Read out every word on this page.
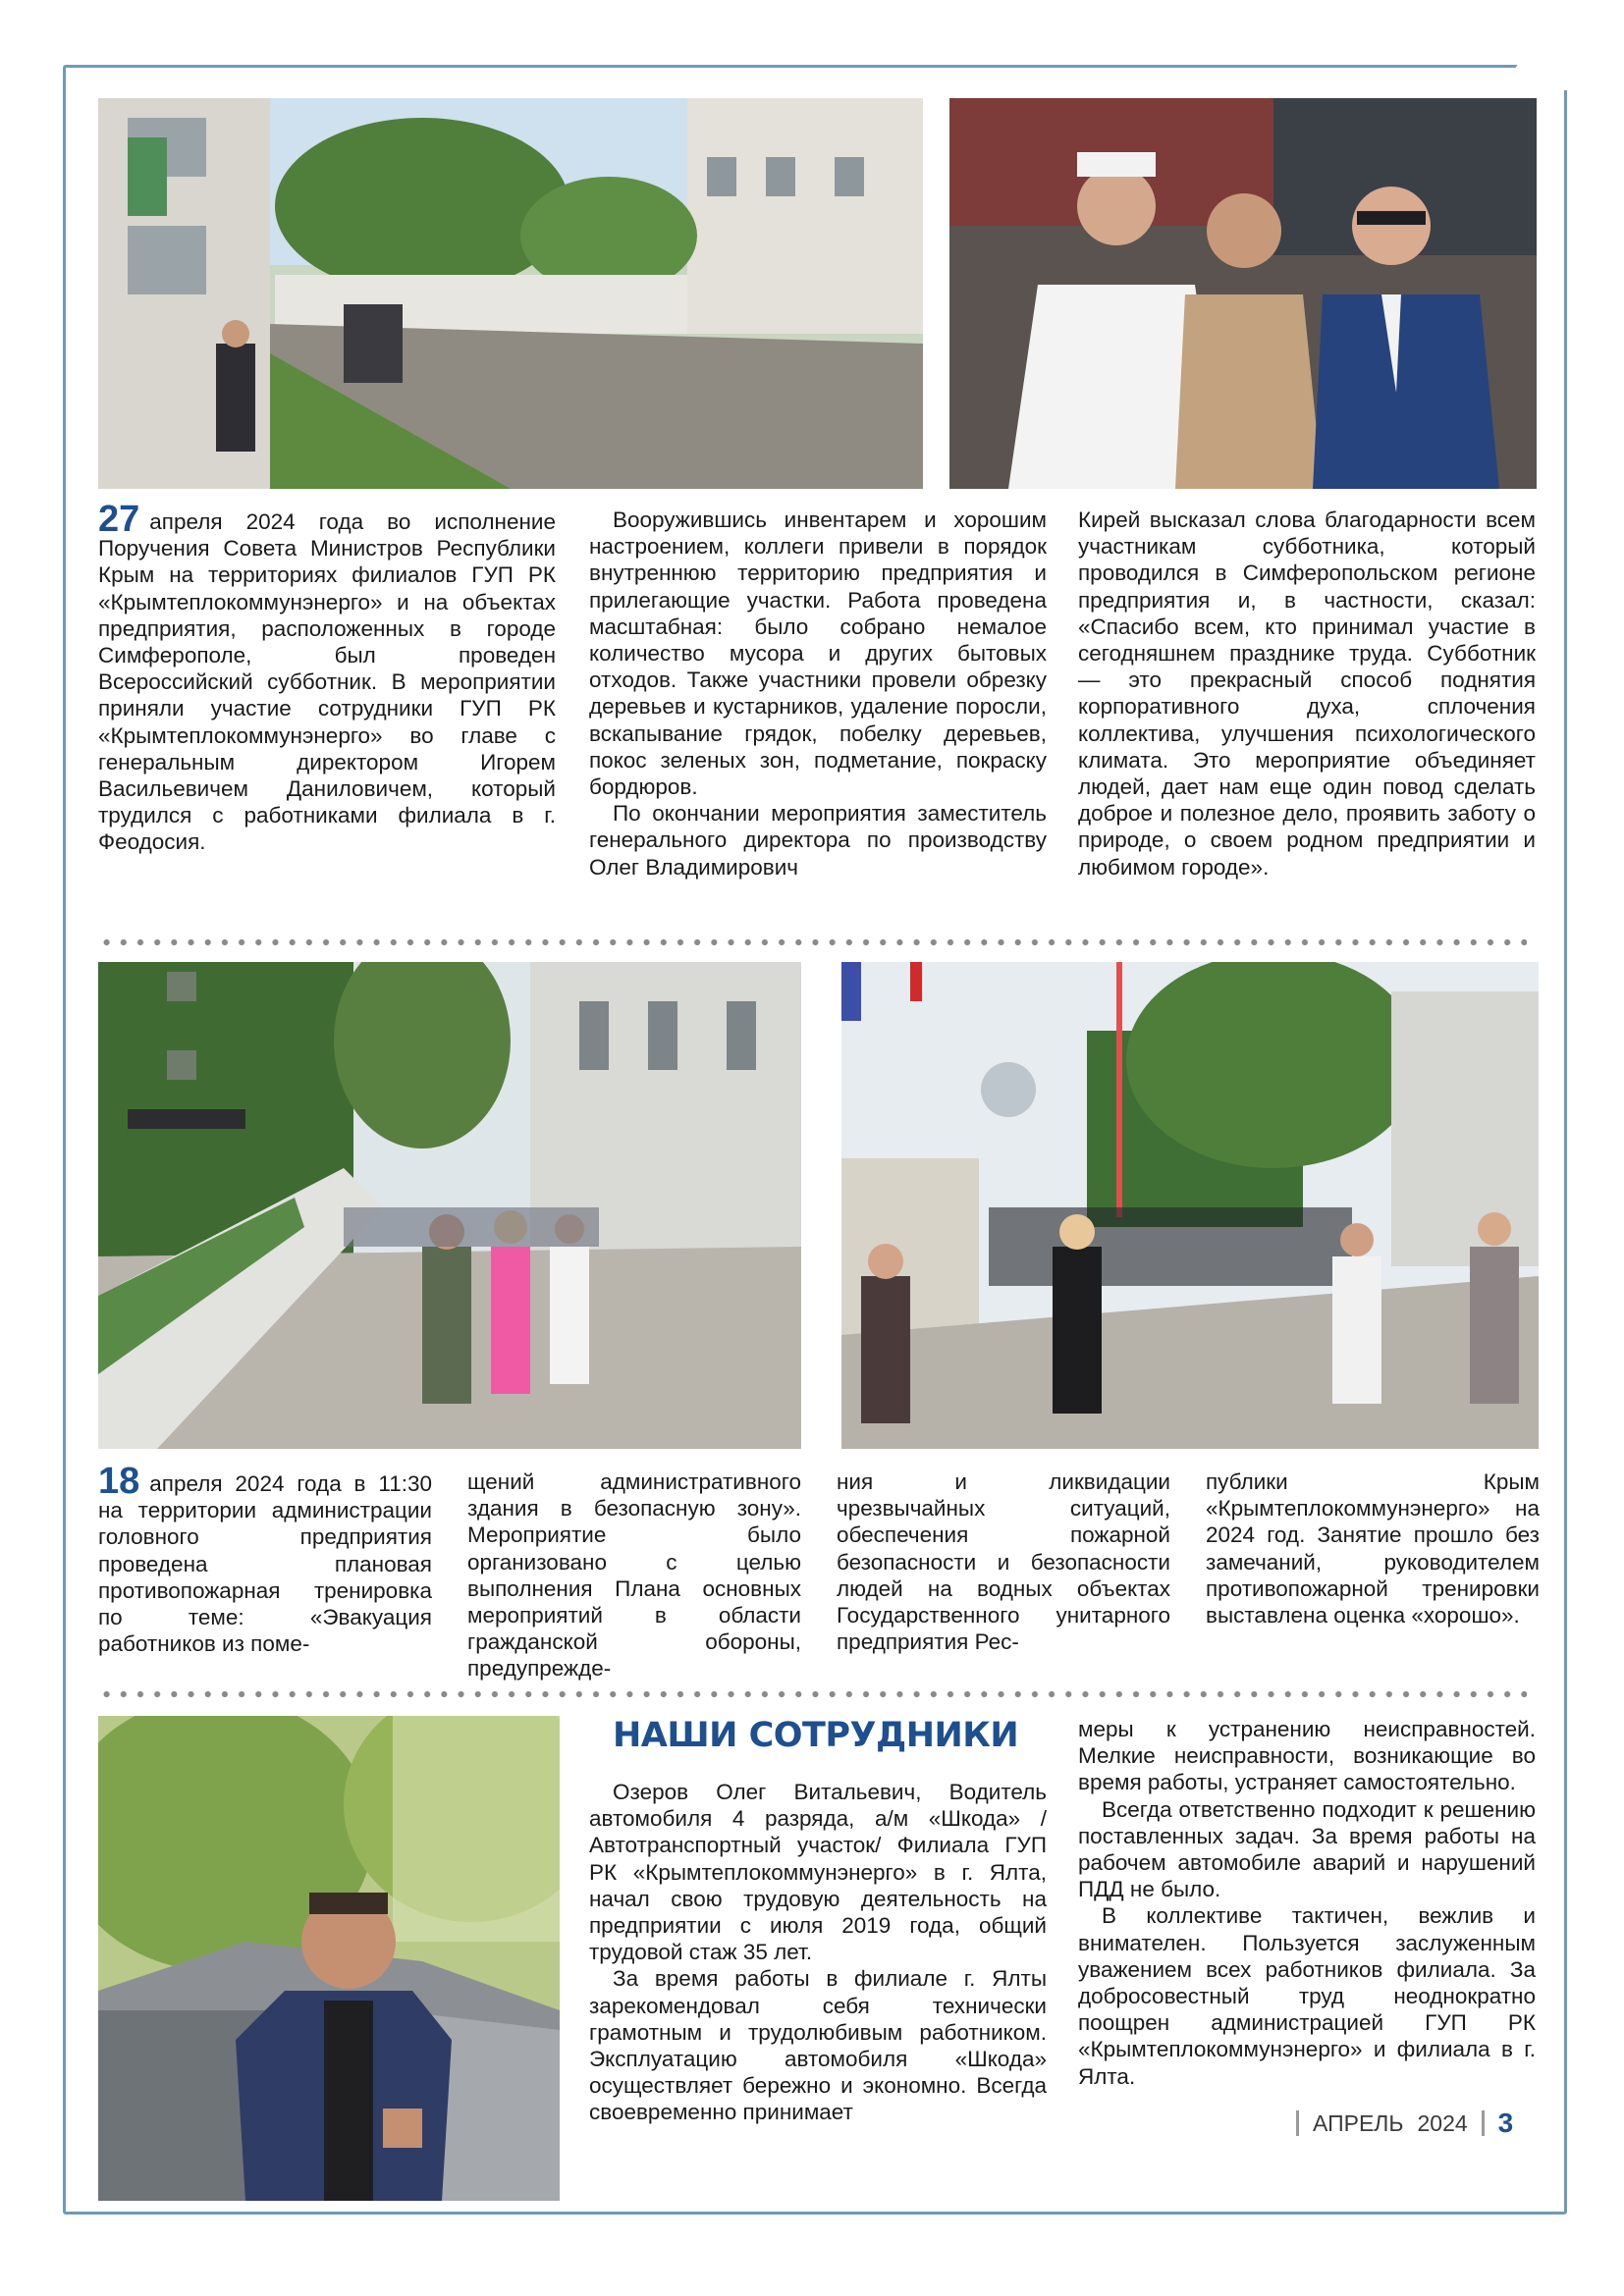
27 апреля 2024 года во исполнение Поручения Совета Министров Республики Крым на территориях филиалов ГУП РК «Крымтеплокоммунэнерго» и на объектах предприятия, расположенных в городе Симферополе, был проведен Всероссийский субботник. В мероприятии приняли участие сотрудники ГУП РК «Крымтеплокоммунэнерго» во главе с генеральным директором Игорем Васильевичем Даниловичем, который трудился с работниками филиала в г. Феодосия.

Вооружившись инвентарем и хорошим настроением, коллеги привели в порядок внутреннюю территорию предприятия и прилегающие участки. Работа проведена масштабная: было собрано немалое количество мусора и других бытовых отходов. Также участники провели обрезку деревьев и кустарников, удаление поросли, вскапывание грядок, побелку деревьев, покос зеленых зон, подметание, покраску бордюров.

По окончании мероприятия заместитель генерального директора по производству Олег Владимирович

Кирей высказал слова благодарности всем участникам субботника, который проводился в Симферопольском регионе предприятия и, в частности, сказал: «Спасибо всем, кто принимал участие в сегодняшнем празднике труда. Субботник — это прекрасный способ поднятия корпоративного духа, сплочения коллектива, улучшения психологического климата. Это мероприятие объединяет людей, дает нам еще один повод сделать доброе и полезное дело, проявить заботу о природе, о своем родном предприятии и любимом городе».

18 апреля 2024 года в 11:30 на территории администрации головного предприятия проведена плановая противопожарная тренировка по теме: «Эвакуация работников из поме-

щений административного здания в безопасную зону». Мероприятие было организовано с целью выполнения Плана основных мероприятий в области гражданской обороны, предупрежде-

ния и ликвидации чрезвычайных ситуаций, обеспечения пожарной безопасности и безопасности людей на водных объектах Государственного унитарного предприятия Рес-

публики Крым «Крымтеплокоммунэнерго» на 2024 год. Занятие прошло без замечаний, руководителем противопожарной тренировки выставлена оценка «хорошо».

НАШИ СОТРУДНИКИ

Озеров Олег Витальевич, Водитель автомобиля 4 разряда, а/м «Шкода» /Автотранспортный участок/ Филиала ГУП РК «Крымтеплокоммунэнерго» в г. Ялта, начал свою трудовую деятельность на предприятии с июля 2019 года, общий трудовой стаж 35 лет.

За время работы в филиале г. Ялты зарекомендовал себя технически грамотным и трудолюбивым работником. Эксплуатацию автомобиля «Шкода» осуществляет бережно и экономно. Всегда своевременно принимает

меры к устранению неисправностей. Мелкие неисправности, возникающие во время работы, устраняет самостоятельно.

Всегда ответственно подходит к решению поставленных задач. За время работы на рабочем автомобиле аварий и нарушений ПДД не было.

В коллективе тактичен, вежлив и внимателен. Пользуется заслуженным уважением всех работников филиала. За добросовестный труд неоднократно поощрен администрацией ГУП РК «Крымтеплокоммунэнерго» и филиала в г. Ялта.

АПРЕЛЬ 2024 3
